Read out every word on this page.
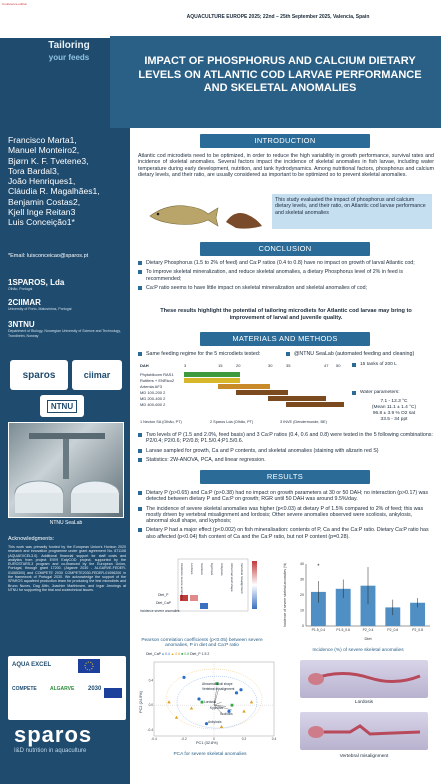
Conference edition
AQUACULTURE EUROPE 2025; 22nd – 25th September 2025, Valencia, Spain
Tailoring
your feeds
Francisco Marta1,
Manuel Monteiro2,
Bjørn K. F. Tvetene3,
Tora Bardal3,
João Henriques1,
Cláudia R. Magalhães1,
Benjamin Costas2,
Kjell Inge Reitan3
Luis Conceição1*
*Email: luisconceicao@sparos.pt
1SPAROS, Lda
Olhão, Portugal
2CIIMAR
University of Porto, Matosinhos, Portugal
3NTNU
Department of Biology, Norwegian University of Science and Technology, Trondheim, Norway
sparos	ciimar
NTNU
NTNU SeaLab
Acknowledgments:
This work was primarily funded by the European Union's Horizon 2020 research and innovation programme under grant agreement No. 871108 (AQUAEXCEL3.0). Additional financial support for staff costs and analytics from project E!0!9 EatyCOD project, supported by the EUROSTARS-3 program and co-financed by the European Union, Portugal, through grant 17200. (Algarve 2030 - ALGARVE-FEDER-01065300) and COMPETE 2030 COMPETE2030-FEDER-01096200 in the framework of Portugal 2030. We acknowledge the support of the SPAROS aquafeed production team for producing the test microdiets and Bruno Nunes, Dag Altin, Joachim Marthinsen, and Ingar Jennings at NTNU for supporting the trial and zootechnical issues.
AQUA EXCEL
COMPETE	ALGARVE 2030
sparos
I&D nutrition in aquaculture
IMPACT OF PHOSPHORUS AND CALCIUM DIETARY LEVELS ON ATLANTIC COD LARVAE PERFORMANCE AND SKELETAL ANOMALIES
INTRODUCTION
Atlantic cod microdiets need to be optimized, in order to reduce the high variability in growth performance, survival rates and incidence of skeletal anomalies. Several factors impact the incidence of skeletal anomalies in fish larvae, including water temperature during early development, nutrition, and tank hydrodynamics. Among nutritional factors, phosphorus and calcium dietary levels, and their ratio, are usually considered as important to be optimized so to prevent skeletal anomalies.
This study evaluated the impact of phosphorus and calcium dietary levels, and their ratio, on Atlantic cod larvae performance and skeletal anomalies
CONCLUSION
Dietary Phosphorus (1.5 to 2% of feed) and Ca:P ratios (0.4 to 0.8) have no impact on growth of larval Atlantic cod;
To improve skeletal mineralization, and reduce skeletal anomalies, a dietary Phosphorus level of 2% in feed is recommended;
Ca:P ratio seems to have little impact on skeletal mineralization and skeletal anomalies of cod;
These results highlight the potential of tailoring microdiets for Atlantic cod larvae may bring to improvement of larval and juvenile quality.
MATERIALS AND METHODS
Same feeding regime for the 5 microdiets tested:	@NTNU SeaLab (automated feeding and cleaning)
DAH	3	15	20	30	35	47 50
Phytoblloom RAS1
Rotifers + ENRico2
Artemia AF3
MD 100-200 2
MD 200-400 2
MD 400-600 2
1 Necton SA (Olhão, PT)	2 Sparos Lda (Olhão, PT)	3 INVE (Dendermonde, BE)
15 tanks of 200 L
Water parameters:
7.1 - 12.3 °C
(Mean 11.1 ± 1.4 °C)
96.8 ± 3.9 % O2 sat
33.5 - 34 ppt
Two levels of P (1.5 and 2.0%, feed basis) and 3 Ca:P ratios (0.4, 0.6 and 0.8) were tested in the 5 following combinations: P2/0.4; P2/0.6; P2/0.8; P1.5/0.4;P1.5/0.6.
Larvae sampled for growth, Ca and P contents, and skeletal anomalies (staining with alizarin red S)
Statistics: 2W-ANOVA, PCA, and linear regression.
RESULTS
Dietary P (p>0.65) and Ca:P (p>0.38) had no impact on growth parameters at 30 or 50 DAH; no interaction (p>0.17) was detected between dietary P and Ca:P on growth; RGR until 50 DAH was around 9.5%/day.
The incidence of severe skeletal anomalies was higher (p<0.03) at dietary P of 1.5% compared to 2% of feed; this was mostly driven by vertebral misalignment and lordosis; Other severe anomalies observed were scoliosis, ankylosis, abnormal skull shape, and kyphosis;
Dietary P had a major effect (p<0.002) on fish mineralisation: contents of P, Ca and the Ca:P ratio. Dietary Ca:P ratio has also affected (p<0.04) fish content of Ca and the Ca:P ratio, but not P content (p=0.28).
Diet_P
Diet_CaP
Incidence severe anomalies
Incidence severe anomalies Lordosis Scoliosis Kyphosis Ankylosis Abnormal skull shape Vertebral misalignment
Pearson correlation coefficients (p<0.05) between severe anomalies, P in diet and Ca:P ratio
0
10
20
30
40
P1.5_0.4	P1.5_0.6	P2_0.4	P2_0.6	P2_0.8
Diet
Incidence of severe skeletal anomalies (%)	*
Incidence (%) of severe skeletal anomalies
-0.4	-0.2	0	0.2	0.4
-0.4
0.0
0.4
Diet_CaP ● 0.4 ▲ 0.6 ■ 0.8 Diet_P 1.5 2
PC1 (32.8%)
PC2 (24.9%)
Abnormal skull shape
Vertebral misalignment
Lordosis
Kyphosis
Scoliosis
Ankylosis
PCA for severe skeletal anomalies
Lordosis
Vertebral misalignment
